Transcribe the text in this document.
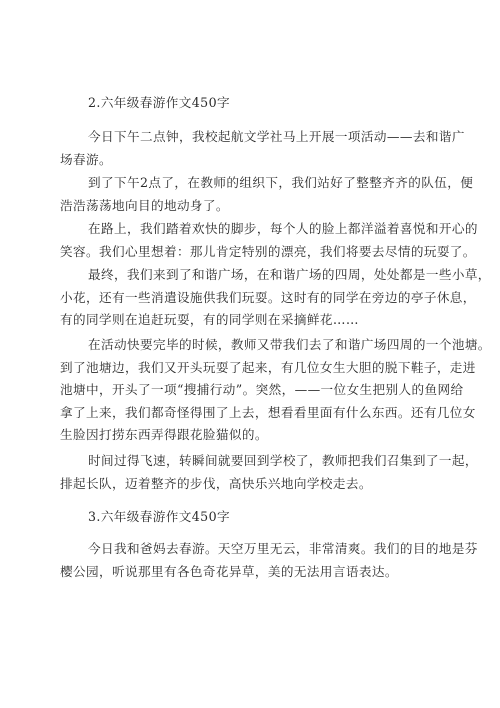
2.六年级春游作文450字
今日下午二点钟，我校起航文学社马上开展一项活动——去和谐广
场春游。
到了下午2点了，在教师的组织下，我们站好了整整齐齐的队伍，便
浩浩荡荡地向目的地动身了。
在路上，我们踏着欢快的脚步，每个人的脸上都洋溢着喜悦和开心的
笑容。我们心里想着：那儿肯定特别的漂亮，我们将要去尽情的玩耍了。
最终，我们来到了和谐广场，在和谐广场的四周，处处都是一些小草，
小花，还有一些消遣设施供我们玩耍。这时有的同学在旁边的亭子休息，
有的同学则在追赶玩耍，有的同学则在采摘鲜花……
在活动快要完毕的时候，教师又带我们去了和谐广场四周的一个池塘。
到了池塘边，我们又开头玩耍了起来，有几位女生大胆的脱下鞋子，走进
池塘中，开头了一项“搜捕行动”。突然，——一位女生把别人的鱼网给
拿了上来，我们都奇怪得围了上去，想看看里面有什么东西。还有几位女
生脸因打捞东西弄得跟花脸猫似的。
时间过得飞速，转瞬间就要回到学校了，教师把我们召集到了一起，
排起长队，迈着整齐的步伐，高快乐兴地向学校走去。
3.六年级春游作文450字
今日我和爸妈去春游。天空万里无云，非常清爽。我们的目的地是芬
樱公园，听说那里有各色奇花异草，美的无法用言语表达。
